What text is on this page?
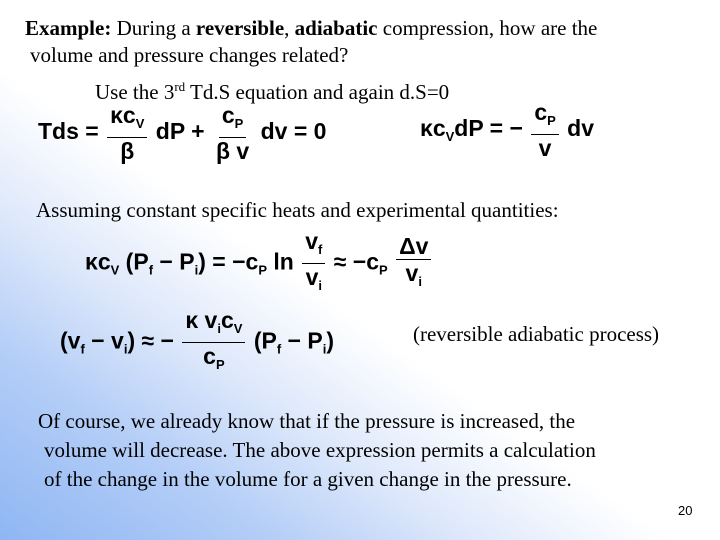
Example: During a reversible, adiabatic compression, how are the
volume and pressure changes related?
Use the 3rd Td.S equation and again d.S=0
Tds = $\frac{\kappa c_V}{\beta}$ dP + $\frac{c_P}{\text{β v}}$ dv = 0	$\kappa c_VdP$ = − $\frac{c_P}{v}$ dv
Assuming constant specific heats and experimental quantities:
$\kappa c_V$ $(P_f - P_i) = -c_P$ $\ln \frac{v_f}{v_i} \approx -c_P \frac{\Delta v}{v_i}$
$(v_f - v_i)$ ≈ − $\frac{\kappa v_ic_V}{c_P} (P_f - P_i)$	(reversible adiabatic process)
Of course, we already know that if the pressure is increased, the
volume will decrease. The above expression permits a calculation
of the change in the volume for a given change in the pressure.
20
